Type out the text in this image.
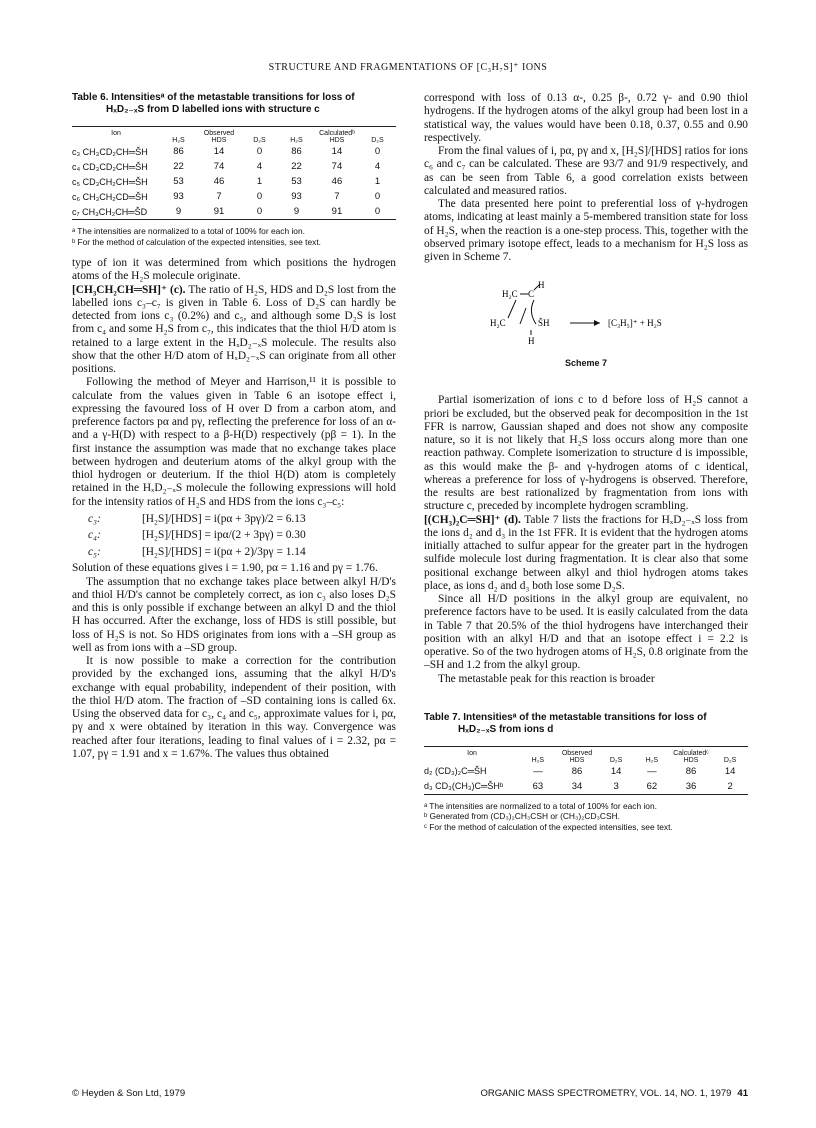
STRUCTURE AND FRAGMENTATIONS OF [C₃H₇S]⁺ IONS
Table 6. Intensitiesᵃ of the metastable transitions for loss of
HₓD₂₋ₓS from D labelled ions with structure c
Ion	Observed			Calculatedᵇ		
	H₂S	HDS	D₂S	H₂S	HDS	D₂S
c₃ CH₃CD₂CH═ŠH	86	14	0	86	14	0
c₄ CD₃CD₂CH═ŠH	22	74	4	22	74	4
c₅ CD₃CH₂CH═ŠH	53	46	1	53	46	1
c₆ CH₃CH₂CD═ŠH	93	7	0	93	7	0
c₇ CH₃CH₂CH═ŠD	9	91	0	9	91	0

ᵃ The intensities are normalized to a total of 100% for each ion.

ᵇ For the method of calculation of the expected intensities, see text.

type of ion it was determined from which positions the hydrogen atoms of the H₂S molecule originate.

[CH₃CH₂CH═SH]⁺ (c). The ratio of H₂S, HDS and D₂S lost from the labelled ions c₃–c₇ is given in Table 6. Loss of D₂S can hardly be detected from ions c₃ (0.2%) and c₅, and although some D₂S is lost from c₄ and some H₂S from c₇, this indicates that the thiol H/D atom is retained to a large extent in the HₓD₂₋ₓS molecule. The results also show that the other H/D atom of HₓD₂₋ₓS can originate from all other positions.

Following the method of Meyer and Harrison,¹¹ it is possible to calculate from the values given in Table 6 an isotope effect i, expressing the favoured loss of H over D from a carbon atom, and preference factors pα and pγ, reflecting the preference for loss of an α- and a γ-H(D) with respect to a β-H(D) respectively (pβ = 1). In the first instance the assumption was made that no exchange takes place between hydrogen and deuterium atoms of the alkyl group with the thiol hydrogen or deuterium. If the thiol H(D) atom is completely retained in the HₓD₂₋ₓS molecule the following expressions will hold for the intensity ratios of H₂S and HDS from the ions c₃–c₅:

c₃:	[H₂S]/[HDS] = i(pα + 3pγ)/2 = 6.13
c₄:	[H₂S]/[HDS] = ipα/(2 + 3pγ) = 0.30
c₅:	[H₂S]/[HDS] = i(pα + 2)/3pγ = 1.14

Solution of these equations gives i = 1.90, pα = 1.16 and pγ = 1.76.

The assumption that no exchange takes place between alkyl H/D's and thiol H/D's cannot be completely correct, as ion c₃ also loses D₂S and this is only possible if exchange between an alkyl D and the thiol H has occurred. After the exchange, loss of HDS is still possible, but loss of H₂S is not. So HDS originates from ions with a –SH group as well as from ions with a –SD group.

It is now possible to make a correction for the contribution provided by the exchanged ions, assuming that the alkyl H/D's exchange with equal probability, independent of their position, with the thiol H/D atom. The fraction of –SD containing ions is called 6x. Using the observed data for c₃, c₄ and c₅, approximate values for i, pα, pγ and x were obtained by iteration in this way. Convergence was reached after four iterations, leading to final values of i = 2.32, pα = 1.07, pγ = 1.91 and x = 1.67%. The values thus obtained

correspond with loss of 0.13 α-, 0.25 β-, 0.72 γ- and 0.90 thiol hydrogens. If the hydrogen atoms of the alkyl group had been lost in a statistical way, the values would have been 0.18, 0.37, 0.55 and 0.90 respectively.

From the final values of i, pα, pγ and x, [H₂S]/[HDS] ratios for ions c₆ and c₇ can be calculated. These are 93/7 and 91/9 respectively, and as can be seen from Table 6, a good correlation exists between calculated and measured ratios.

The data presented here point to preferential loss of γ-hydrogen atoms, indicating at least mainly a 5-membered transition state for loss of H₂S, when the reaction is a one-step process. This, together with the observed primary isotope effect, leads to a mechanism for H₂S loss as given in Scheme 7.

H
H₂C C
H₂C	ŠH
H
[C₃H₅]⁺ + H₂S
Scheme 7

Partial isomerization of ions c to d before loss of H₂S cannot a priori be excluded, but the observed peak for decomposition in the 1st FFR is narrow, Gaussian shaped and does not show any composite nature, so it is not likely that H₂S loss occurs along more than one reaction pathway. Complete isomerization to structure d is impossible, as this would make the β- and γ-hydrogen atoms of c identical, whereas a preference for loss of γ-hydrogens is observed. Therefore, the results are best rationalized by fragmentation from ions with structure c, preceded by incomplete hydrogen scrambling.

[(CH₃)₂C═SH]⁺ (d). Table 7 lists the fractions for HₓD₂₋ₓS loss from the ions d₂ and d₃ in the 1st FFR. It is evident that the hydrogen atoms initially attached to sulfur appear for the greater part in the hydrogen sulfide molecule lost during fragmentation. It is clear also that some positional exchange between alkyl and thiol hydrogen atoms takes place, as ions d₂ and d₃ both lose some D₂S.

Since all H/D positions in the alkyl group are equivalent, no preference factors have to be used. It is easily calculated from the data in Table 7 that 20.5% of the thiol hydrogens have interchanged their position with an alkyl H/D and that an isotope effect i = 2.2 is operative. So of the two hydrogen atoms of H₂S, 0.8 originate from the –SH and 1.2 from the alkyl group.

The metastable peak for this reaction is broader

Table 7. Intensitiesᵃ of the metastable transitions for loss of
HₓD₂₋ₓS from ions d
Ion	Observed			Calculatedᶜ		
	H₂S	HDS	D₂S	H₂S	HDS	D₂S
d₂ (CD₃)₂C═ŠH	—	86	14	—	86	14
d₃ CD₃(CH₃)C═ŠHᵇ	63	34	3	62	36	2

ᵃ The intensities are normalized to a total of 100% for each ion.

ᵇ Generated from (CD₃)₂CH₃CSH or (CH₃)₂CD₃CSH.

ᶜ For the method of calculation of the expected intensities, see text.

© Heyden & Son Ltd, 1979	ORGANIC MASS SPECTROMETRY, VOL. 14, NO. 1, 1979 41
